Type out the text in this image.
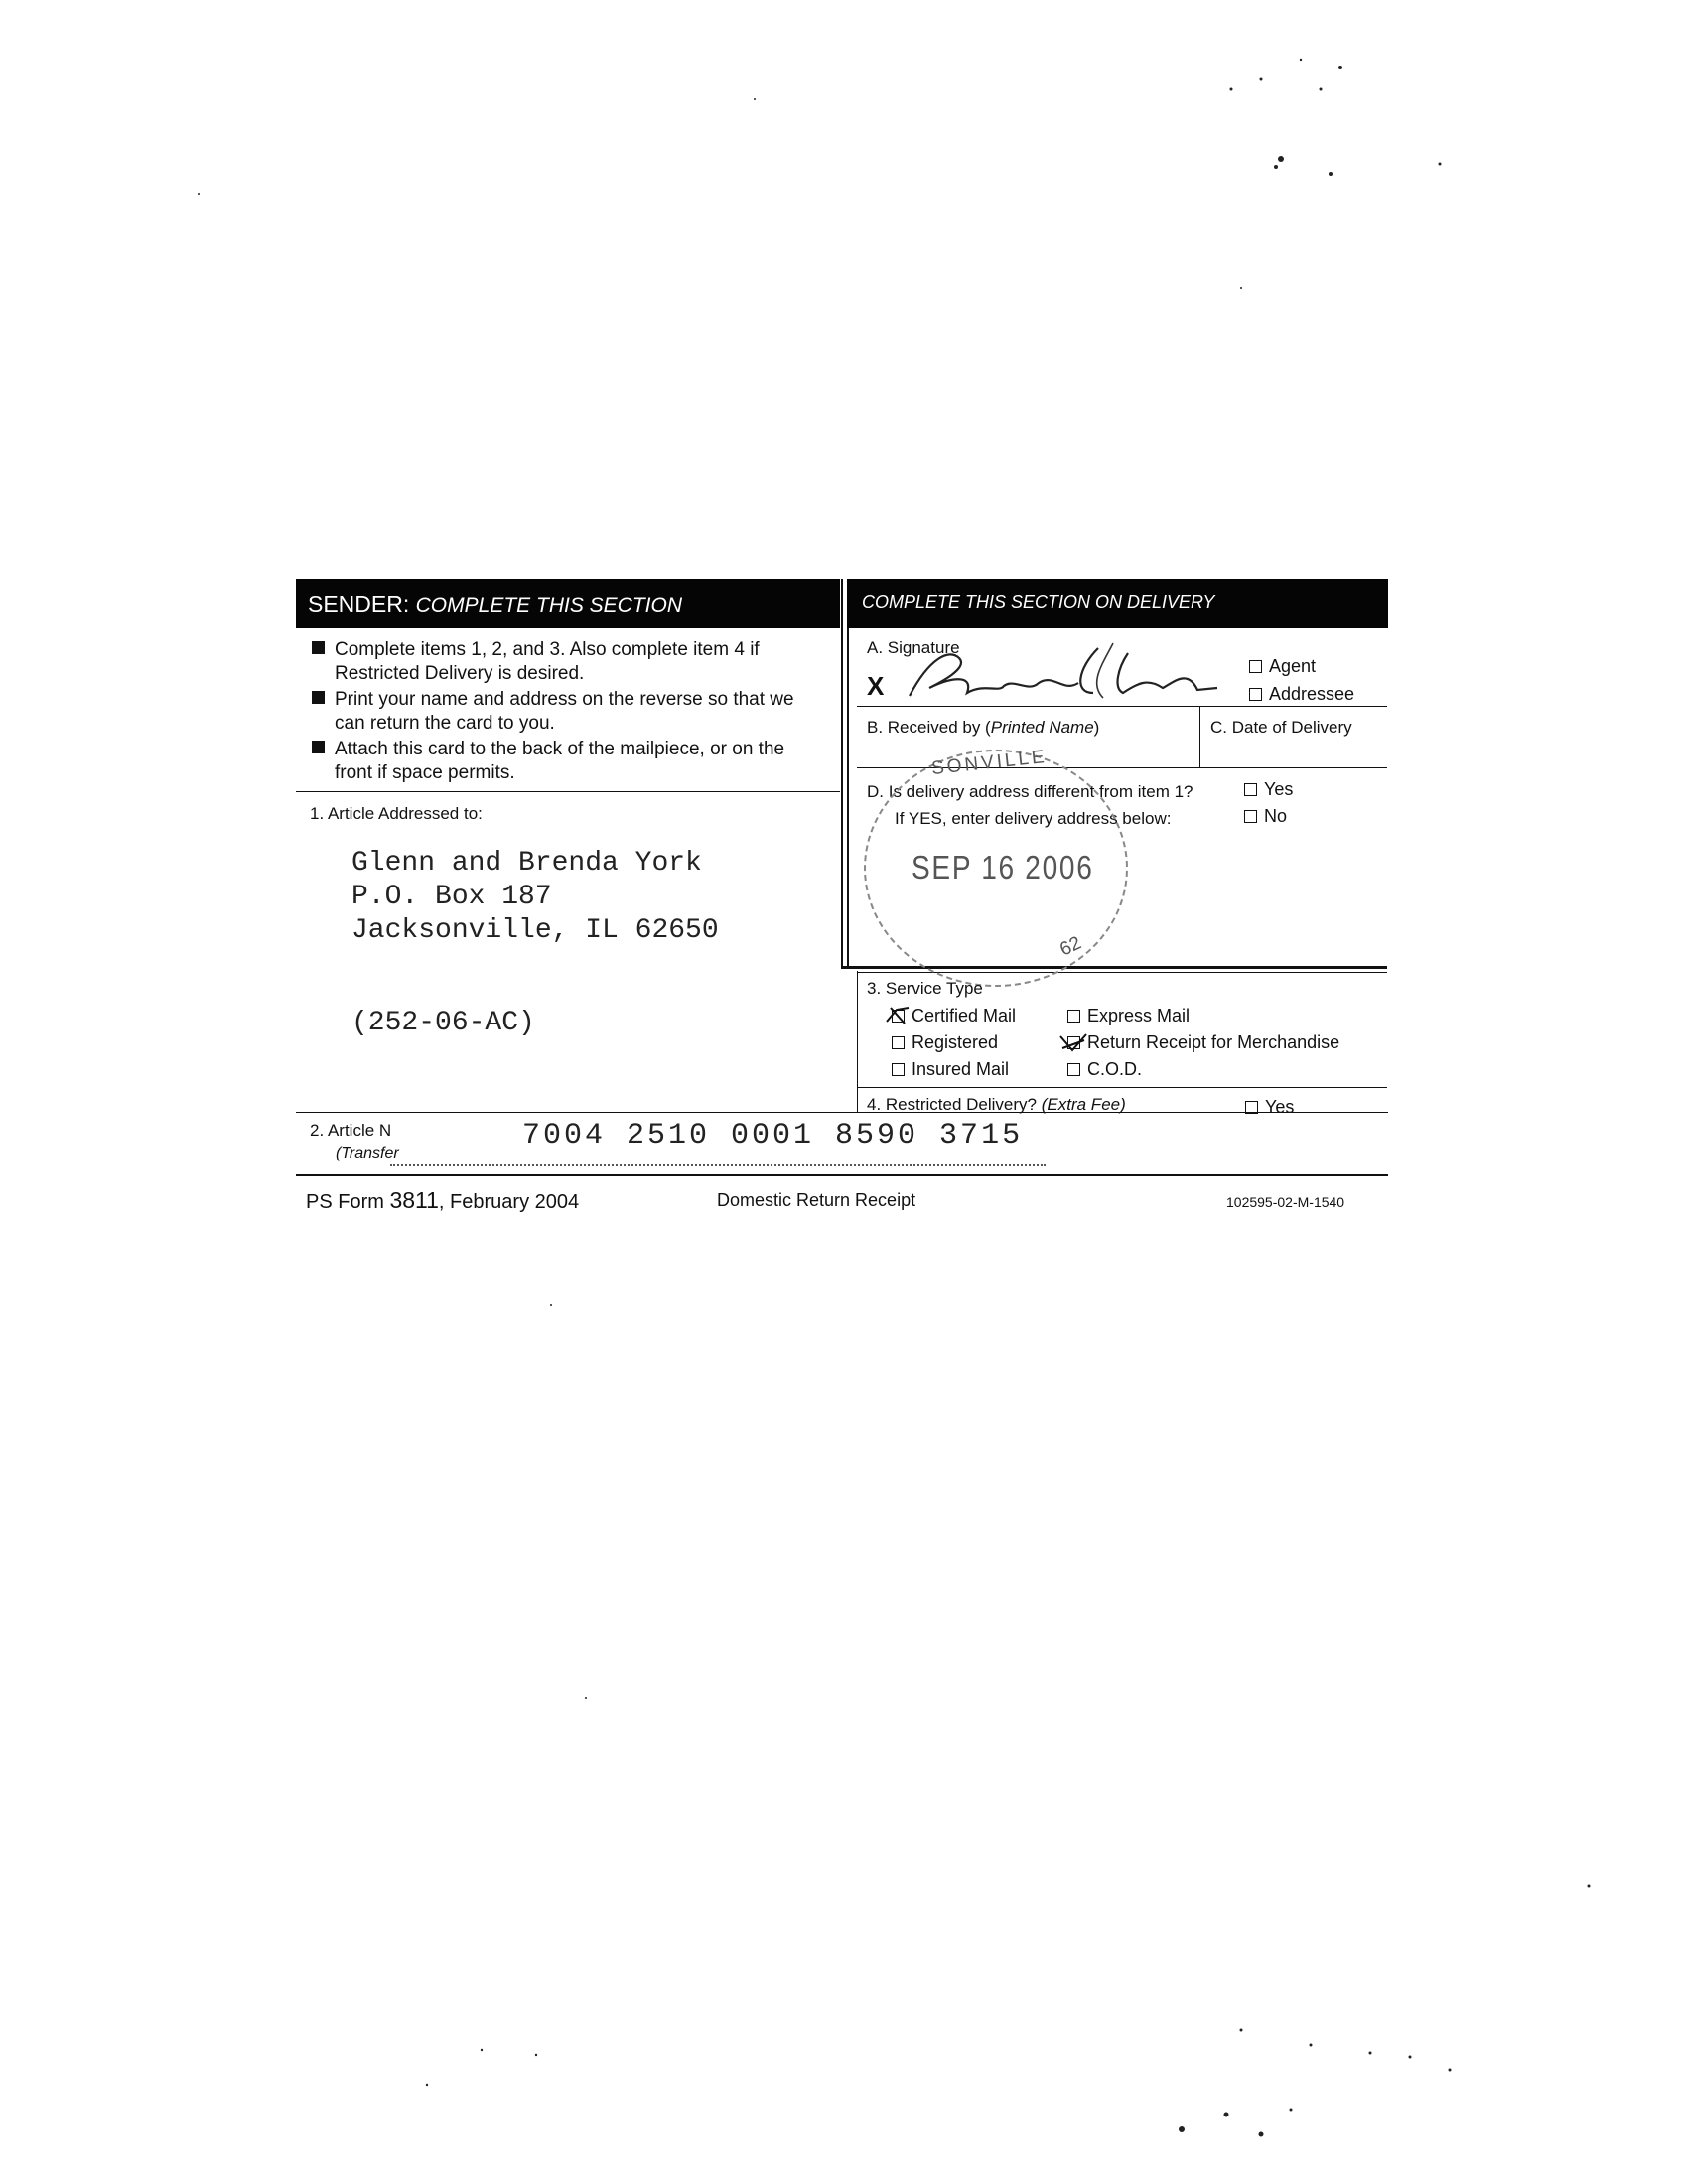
SENDER: COMPLETE THIS SECTION	COMPLETE THIS SECTION ON DELIVERY
Complete items 1, 2, and 3. Also complete item 4 if Restricted Delivery is desired.
Print your name and address on the reverse so that we can return the card to you.
Attach this card to the back of the mailpiece, or on the front if space permits.
1. Article Addressed to:
Glenn and Brenda York
P.O. Box 187
Jacksonville, IL 62650
(252-06-AC)
A. Signature
X
Agent
Addressee
B. Received by (Printed Name)	C. Date of Delivery
D. Is delivery address different from item 1?
If YES, enter delivery address below:
Yes
No
SONVILLE
SEP 16 2006
62
3. Service Type
Certified Mail	Express Mail
Registered	Return Receipt for Merchandise
Insured Mail	C.O.D.
4. Restricted Delivery? (Extra Fee)	Yes
2. Article N
(Transfer
7004 2510 0001 8590 3715
PS Form 3811, February 2004	Domestic Return Receipt	102595-02-M-1540
